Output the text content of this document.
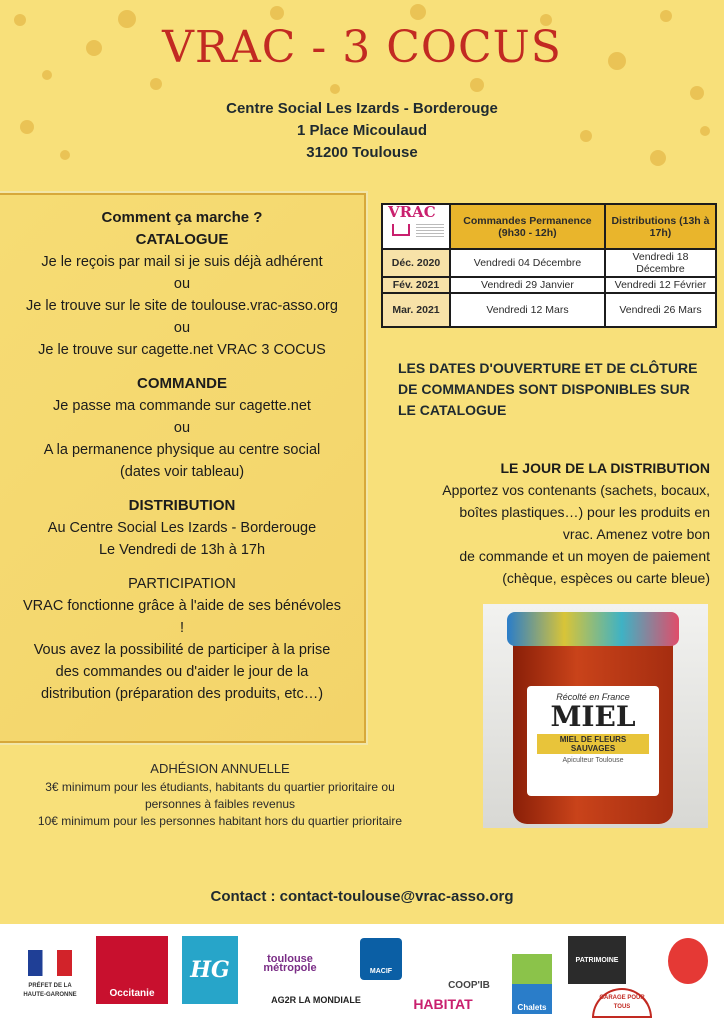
VRAC - 3 COCUS
Centre Social Les Izards - Borderouge
1 Place Micoulaud
31200 Toulouse
Comment ça marche ?
CATALOGUE
Je le reçois par mail si je suis déjà adhérent
ou
Je le trouve sur le site de toulouse.vrac-asso.org
ou
Je le trouve sur cagette.net VRAC 3 COCUS
COMMANDE
Je passe ma commande sur cagette.net
ou
A la permanence physique au centre social
(dates voir tableau)
DISTRIBUTION
Au Centre Social Les Izards - Borderouge
Le Vendredi de 13h à 17h
PARTICIPATION
VRAC fonctionne grâce à l'aide de ses bénévoles
!
Vous avez la possibilité de participer à la prise
des commandes ou d'aider le jour de la
distribution (préparation des produits, etc…)
ADHÉSION ANNUELLE
3€ minimum pour les étudiants, habitants du quartier prioritaire ou
personnes à faibles revenus
10€ minimum pour les personnes habitant hors du quartier prioritaire
VRAC	Commandes Permanence (9h30 - 12h)	Distributions (13h à 17h)
Déc. 2020	Vendredi 04 Décembre	Vendredi 18 Décembre
Fév. 2021	Vendredi 29 Janvier	Vendredi 12 Février
Mar. 2021	Vendredi 12 Mars	Vendredi 26 Mars
LES DATES D'OUVERTURE ET DE CLÔTURE DE COMMANDES SONT DISPONIBLES SUR LE CATALOGUE
LE JOUR DE LA DISTRIBUTION
Apportez vos contenants (sachets, bocaux,
boîtes plastiques…) pour les produits en
vrac. Amenez votre bon
de commande et un moyen de paiement
(chèque, espèces ou carte bleue)
Récolté en France
MIEL
MIEL DE FLEURS SAUVAGES
Apiculteur Toulouse
Contact : contact-toulouse@vrac-asso.org
PRÉFET DE LA HAUTE-GARONNE	Occitanie
HG	toulouse métropole	MACIF
AG2R LA MONDIALE
COOP'IB
HABITAT	Chalets
PATRIMOINE
GARAGE POUR TOUS
